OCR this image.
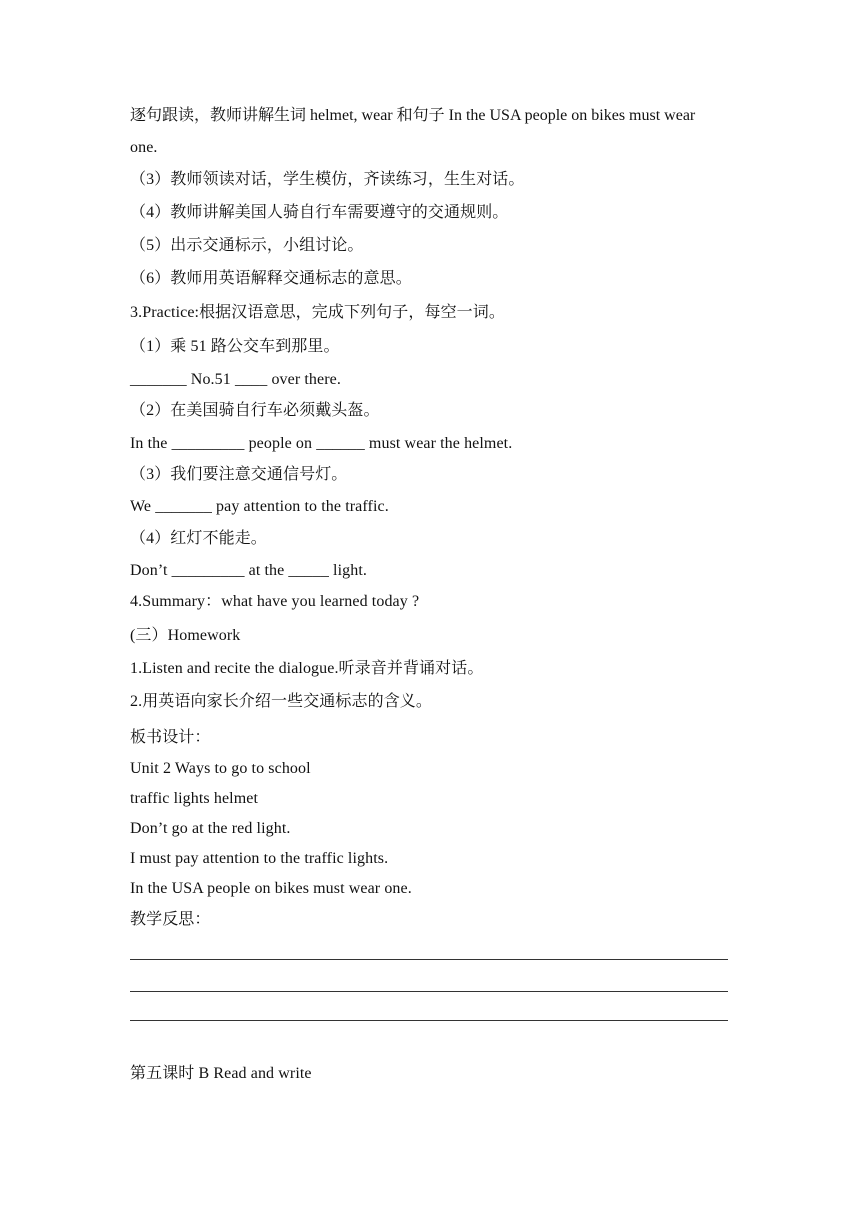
逐句跟读，教师讲解生词 helmet, wear 和句子 In the USA people on bikes must wear
one.
（3）教师领读对话，学生模仿，齐读练习，生生对话。
（4）教师讲解美国人骑自行车需要遵守的交通规则。
（5）出示交通标示，小组讨论。
（6）教师用英语解释交通标志的意思。
3.Practice:根据汉语意思，完成下列句子，每空一词。
（1）乘 51 路公交车到那里。
_______ No.51 ____ over there.
（2）在美国骑自行车必须戴头盔。
In the _________ people on ______ must wear the helmet.
（3）我们要注意交通信号灯。
We _______ pay attention to the traffic.
（4）红灯不能走。
Don’t _________ at the _____ light.
4.Summary：what have you learned today ?
(三）Homework
1.Listen and recite the dialogue.听录音并背诵对话。
2.用英语向家长介绍一些交通标志的含义。
板书设计：
Unit 2 Ways to go to school
traffic lights helmet
Don’t go at the red light.
I must pay attention to the traffic lights.
In the USA people on bikes must wear one.
教学反思：
第五课时 B Read and write
